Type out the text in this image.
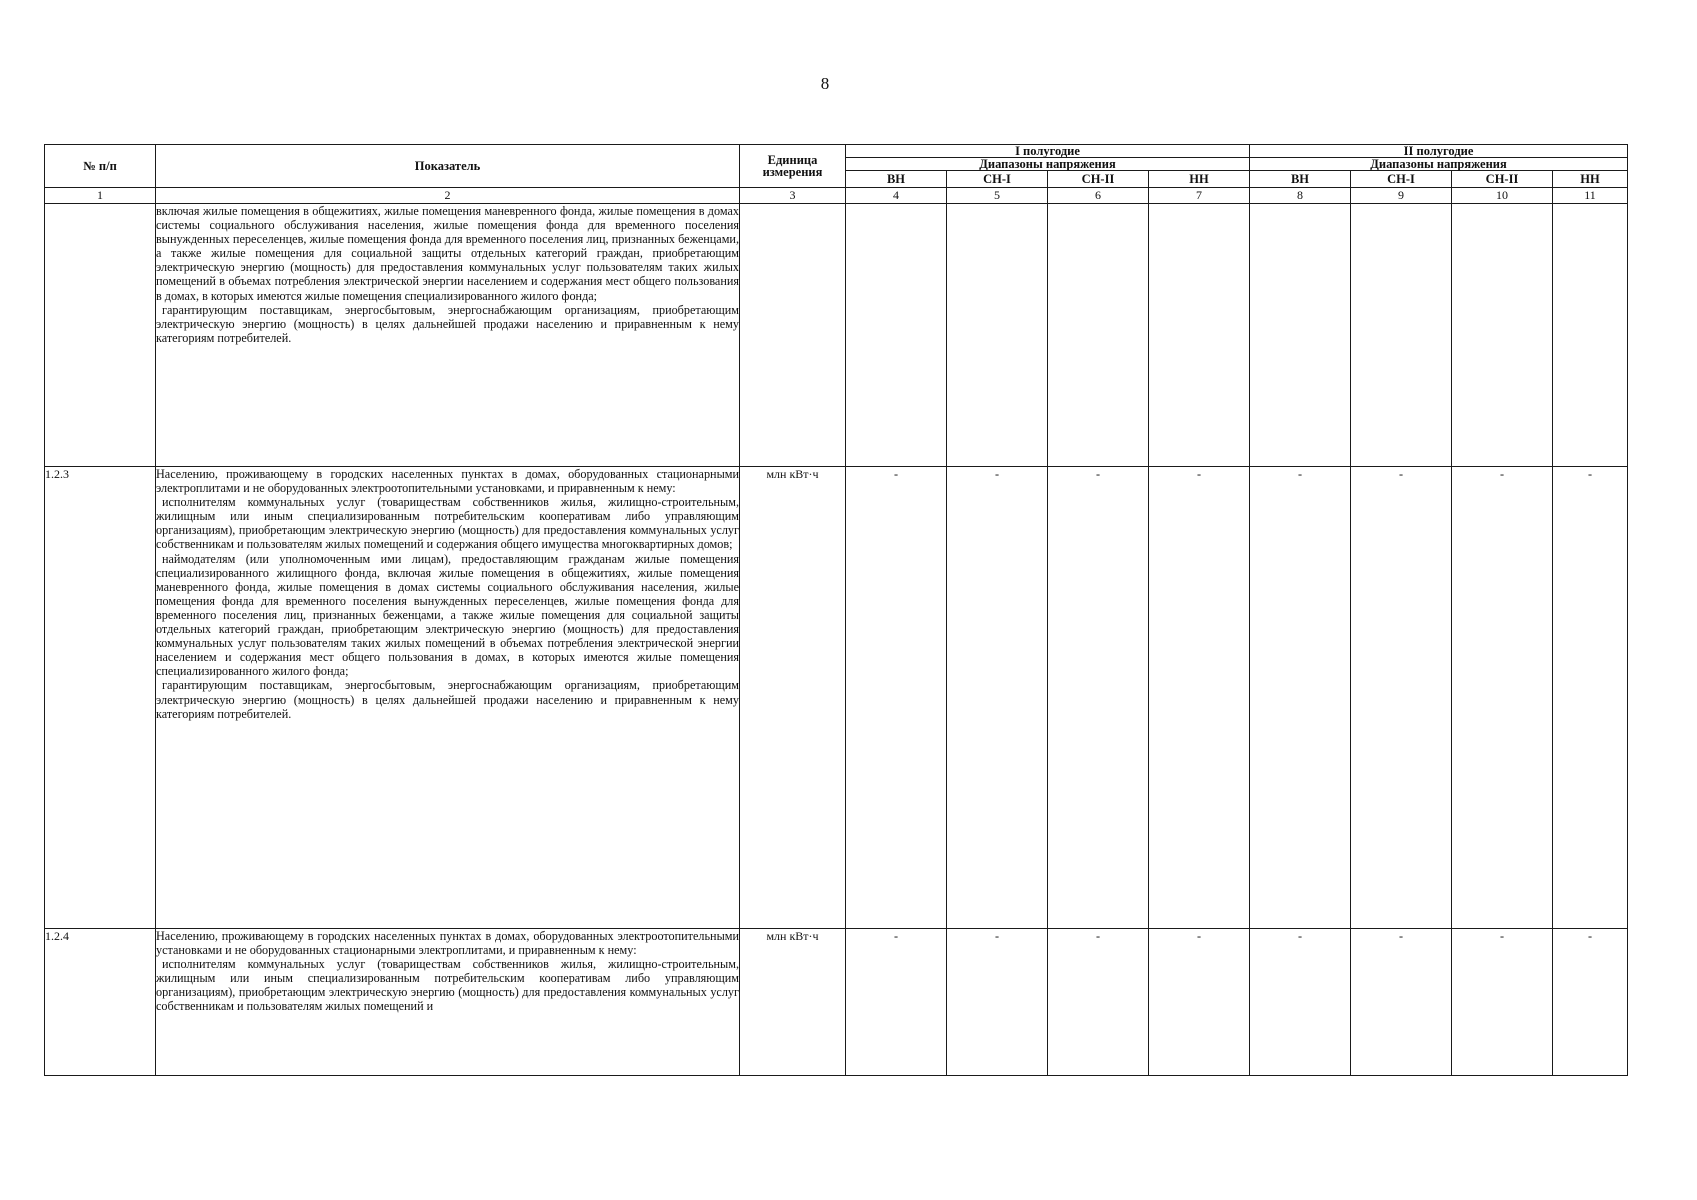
8
№ п/п	Показатель	Единица измерения	I полугодие				II полугодие			
			Диапазоны напряжения				Диапазоны напряжения			
			ВН	СН-I	СН-II	НН	ВН	СН-I	СН-II	НН
1	2	3	4	5	6	7	8	9	10	11

	включая жилые помещения в общежитиях, жилые помещения маневренного фонда, жилые помещения в домах системы социального обслуживания населения, жилые помещения фонда для временного поселения вынужденных переселенцев, жилые помещения фонда для временного поселения лиц, признанных беженцами, а также жилые помещения для социальной защиты отдельных категорий граждан, приобретающим электрическую энергию (мощность) для предоставления коммунальных услуг пользователям таких жилых помещений в объемах потребления электрической энергии населением и содержания мест общего пользования в домах, в которых имеются жилые помещения специализированного жилого фонда;
гарантирующим поставщикам, энергосбытовым, энергоснабжающим организациям, приобретающим электрическую энергию (мощность) в целях дальнейшей продажи населению и приравненным к нему категориям потребителей.									

1.2.3	Населению, проживающему в городских населенных пунктах в домах, оборудованных стационарными электроплитами и не оборудованных электроотопительными установками, и приравненным к нему:
исполнителям коммунальных услуг (товариществам собственников жилья, жилищно-строительным, жилищным или иным специализированным потребительским кооперативам либо управляющим организациям), приобретающим электрическую энергию (мощность) для предоставления коммунальных услуг собственникам и пользователям жилых помещений и содержания общего имущества многоквартирных домов;
наймодателям (или уполномоченным ими лицам), предоставляющим гражданам жилые помещения специализированного жилищного фонда, включая жилые помещения в общежитиях, жилые помещения маневренного фонда, жилые помещения в домах системы социального обслуживания населения, жилые помещения фонда для временного поселения вынужденных переселенцев, жилые помещения фонда для временного поселения лиц, признанных беженцами, а также жилые помещения для социальной защиты отдельных категорий граждан, приобретающим электрическую энергию (мощность) для предоставления коммунальных услуг пользователям таких жилых помещений в объемах потребления электрической энергии населением и содержания мест общего пользования в домах, в которых имеются жилые помещения специализированного жилого фонда;
гарантирующим поставщикам, энергосбытовым, энергоснабжающим организациям, приобретающим электрическую энергию (мощность) в целях дальнейшей продажи населению и приравненным к нему категориям потребителей.	млн кВт·ч	-	-	-	-	-	-	-	-
1.2.4	Населению, проживающему в городских населенных пунктах в домах, оборудованных электроотопительными установками и не оборудованных стационарными электроплитами, и приравненным к нему:
исполнителям коммунальных услуг (товариществам собственников жилья, жилищно-строительным, жилищным или иным специализированным потребительским кооперативам либо управляющим организациям), приобретающим электрическую энергию (мощность) для предоставления коммунальных услуг собственникам и пользователям жилых помещений и	млн кВт·ч	-	-	-	-	-	-	-	-
